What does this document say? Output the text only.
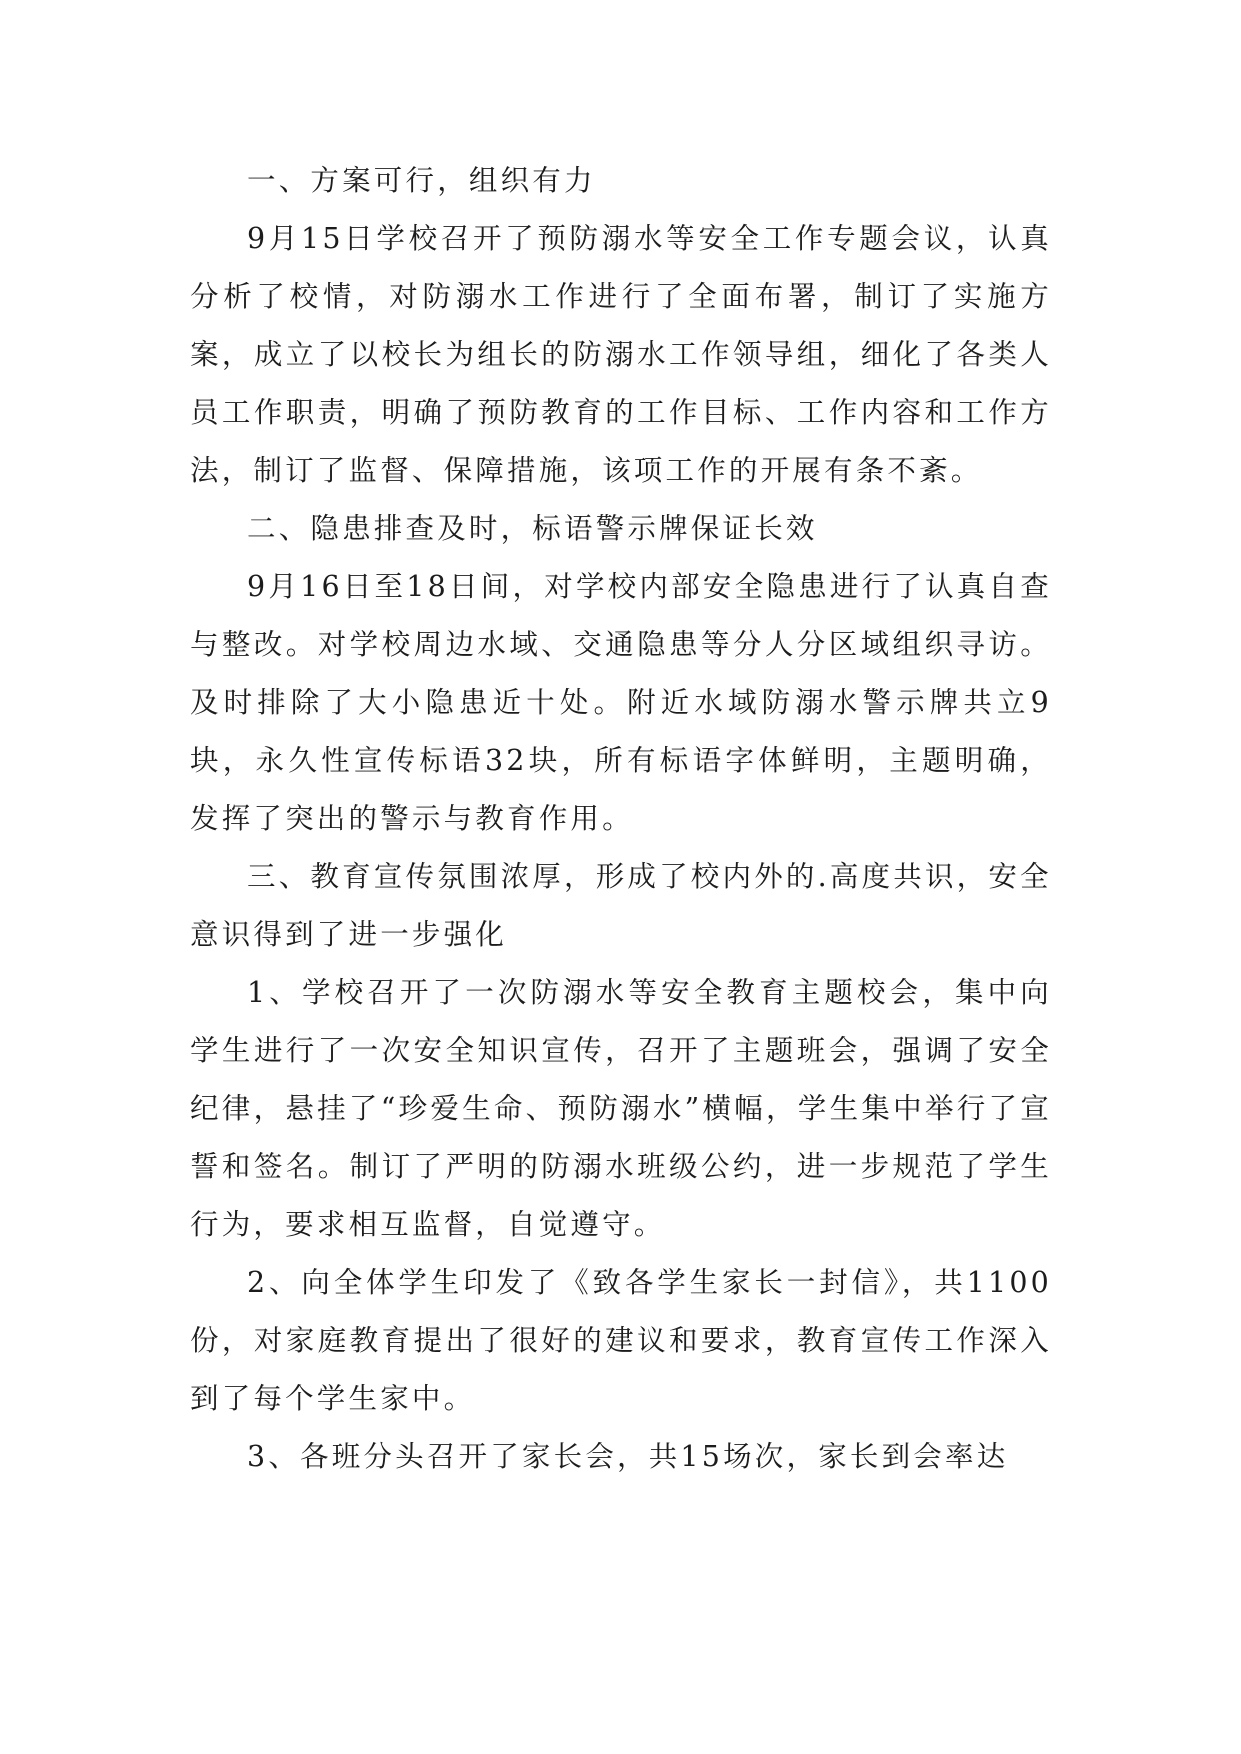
一、方案可行，组织有力

9月15日学校召开了预防溺水等安全工作专题会议，认真分析了校情，对防溺水工作进行了全面布署，制订了实施方案，成立了以校长为组长的防溺水工作领导组，细化了各类人员工作职责，明确了预防教育的工作目标、工作内容和工作方法，制订了监督、保障措施，该项工作的开展有条不紊。

二、隐患排查及时，标语警示牌保证长效

9月16日至18日间，对学校内部安全隐患进行了认真自查与整改。对学校周边水域、交通隐患等分人分区域组织寻访。及时排除了大小隐患近十处。附近水域防溺水警示牌共立9块，永久性宣传标语32块，所有标语字体鲜明，主题明确，发挥了突出的警示与教育作用。

三、教育宣传氛围浓厚，形成了校内外的.高度共识，安全意识得到了进一步强化

1、学校召开了一次防溺水等安全教育主题校会，集中向学生进行了一次安全知识宣传，召开了主题班会，强调了安全纪律，悬挂了“珍爱生命、预防溺水”横幅，学生集中举行了宣誓和签名。制订了严明的防溺水班级公约，进一步规范了学生行为，要求相互监督，自觉遵守。

2、向全体学生印发了《致各学生家长一封信》，共1100份，对家庭教育提出了很好的建议和要求，教育宣传工作深入到了每个学生家中。

3、各班分头召开了家长会，共15场次，家长到会率达
